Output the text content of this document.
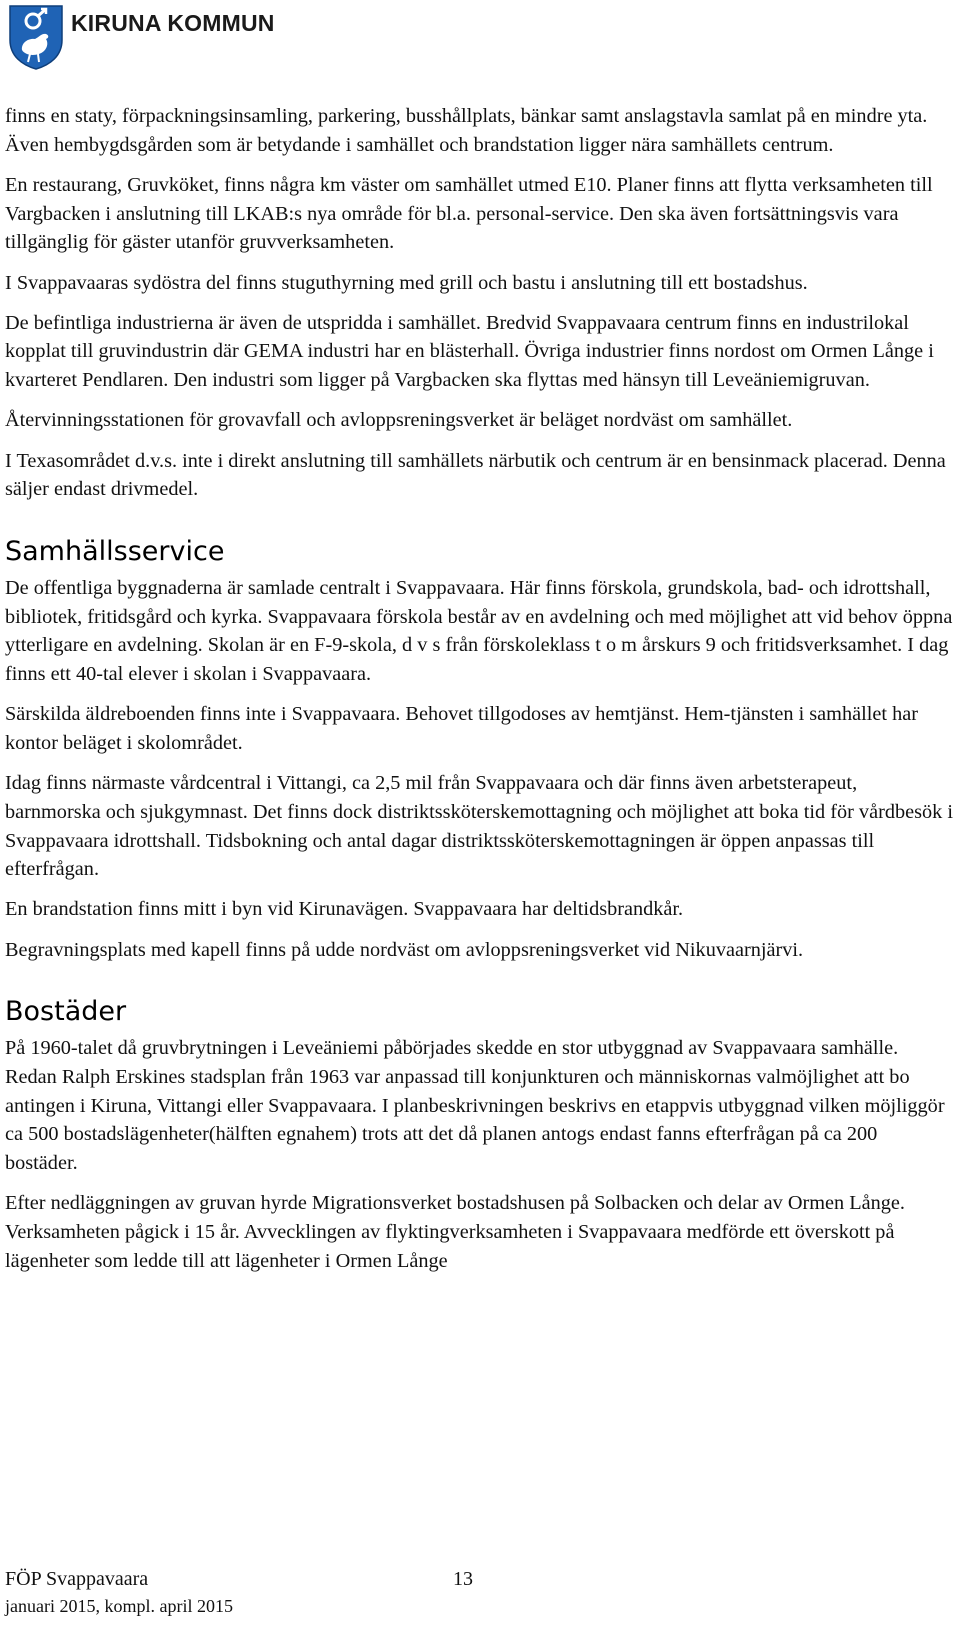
KIRUNA KOMMUN

finns en staty, förpackningsinsamling, parkering, busshållplats, bänkar samt anslagstavla samlat på en mindre yta. Även hembygdsgården som är betydande i samhället och brandstation ligger nära samhällets centrum.

En restaurang, Gruvköket, finns några km väster om samhället utmed E10. Planer finns att flytta verksamheten till Vargbacken i anslutning till LKAB:s nya område för bl.a. personal-service. Den ska även fortsättningsvis vara tillgänglig för gäster utanför gruvverksamheten.

I Svappavaaras sydöstra del finns stuguthyrning med grill och bastu i anslutning till ett bostadshus.

De befintliga industrierna är även de utspridda i samhället. Bredvid Svappavaara centrum finns en industrilokal kopplat till gruvindustrin där GEMA industri har en blästerhall. Övriga industrier finns nordost om Ormen Långe i kvarteret Pendlaren. Den industri som ligger på Vargbacken ska flyttas med hänsyn till Leveäniemigruvan.

Återvinningsstationen för grovavfall och avloppsreningsverket är beläget nordväst om samhället.

I Texasområdet d.v.s. inte i direkt anslutning till samhällets närbutik och centrum är en bensinmack placerad. Denna säljer endast drivmedel.

Samhällsservice

De offentliga byggnaderna är samlade centralt i Svappavaara. Här finns förskola, grundskola, bad- och idrottshall, bibliotek, fritidsgård och kyrka. Svappavaara förskola består av en avdelning och med möjlighet att vid behov öppna ytterligare en avdelning. Skolan är en F-9-skola, d v s från förskoleklass t o m årskurs 9 och fritidsverksamhet. I dag finns ett 40-tal elever i skolan i Svappavaara.

Särskilda äldreboenden finns inte i Svappavaara. Behovet tillgodoses av hemtjänst. Hem-tjänsten i samhället har kontor beläget i skolområdet.

Idag finns närmaste vårdcentral i Vittangi, ca 2,5 mil från Svappavaara och där finns även arbetsterapeut, barnmorska och sjukgymnast. Det finns dock distriktssköterskemottagning och möjlighet att boka tid för vårdbesök i Svappavaara idrottshall. Tidsbokning och antal dagar distriktssköterskemottagningen är öppen anpassas till efterfrågan.

En brandstation finns mitt i byn vid Kirunavägen. Svappavaara har deltidsbrandkår.

Begravningsplats med kapell finns på udde nordväst om avloppsreningsverket vid Nikuvaarnjärvi.

Bostäder

På 1960-talet då gruvbrytningen i Leveäniemi påbörjades skedde en stor utbyggnad av Svappavaara samhälle. Redan Ralph Erskines stadsplan från 1963 var anpassad till konjunkturen och människornas valmöjlighet att bo antingen i Kiruna, Vittangi eller Svappavaara. I planbeskrivningen beskrivs en etappvis utbyggnad vilken möjliggör ca 500 bostadslägenheter(hälften egnahem) trots att det då planen antogs endast fanns efterfrågan på ca 200 bostäder.

Efter nedläggningen av gruvan hyrde Migrationsverket bostadshusen på Solbacken och delar av Ormen Långe. Verksamheten pågick i 15 år. Avvecklingen av flyktingverksamheten i Svappavaara medförde ett överskott på lägenheter som ledde till att lägenheter i Ormen Långe

FÖP Svappavaara	13
januari 2015, kompl. april 2015
